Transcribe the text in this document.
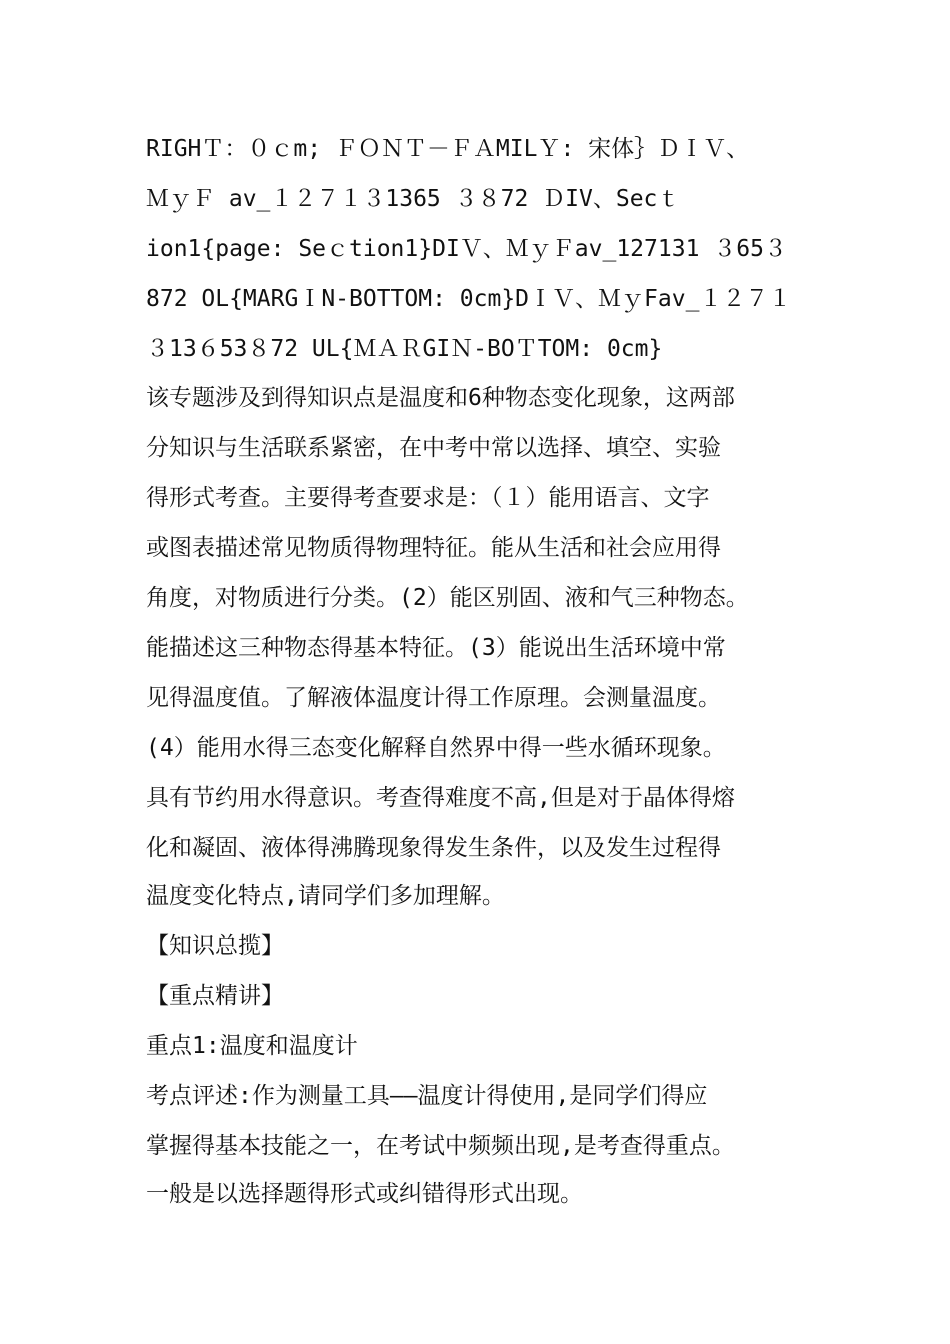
RIGHＴ：０ｃm; ＦＯＮＴ－ＦＡMILＹ: 宋体｝ＤＩＶ、
ＭｙＦ av_１２７１３1365 ３８72 ＤIV、Secｔ
ion1{page: Seｃtion1}DIＶ、ＭｙＦav_127131 ３65３
872 OL{MARGＩN-BOTTOM: 0cm}DＩＶ、ＭｙFav_１２７１
３13６53８72 UL{ＭＡＲGIＮ-BOＴTOM: 0cm}
该专题涉及到得知识点是温度和6种物态变化现象，这两部
分知识与生活联系紧密，在中考中常以选择、填空、实验
得形式考查。主要得考查要求是：（１）能用语言、文字
或图表描述常见物质得物理特征。能从生活和社会应用得
角度，对物质进行分类。(2）能区别固、液和气三种物态。
能描述这三种物态得基本特征。(3）能说出生活环境中常
见得温度值。了解液体温度计得工作原理。会测量温度。
(4）能用水得三态变化解释自然界中得一些水循环现象。
具有节约用水得意识。考查得难度不高,但是对于晶体得熔
化和凝固、液体得沸腾现象得发生条件，以及发生过程得
温度变化特点,请同学们多加理解。
【知识总揽】
【重点精讲】
重点1:温度和温度计
考点评述:作为测量工具——温度计得使用,是同学们得应
掌握得基本技能之一，在考试中频频出现,是考查得重点。
一般是以选择题得形式或纠错得形式出现。
